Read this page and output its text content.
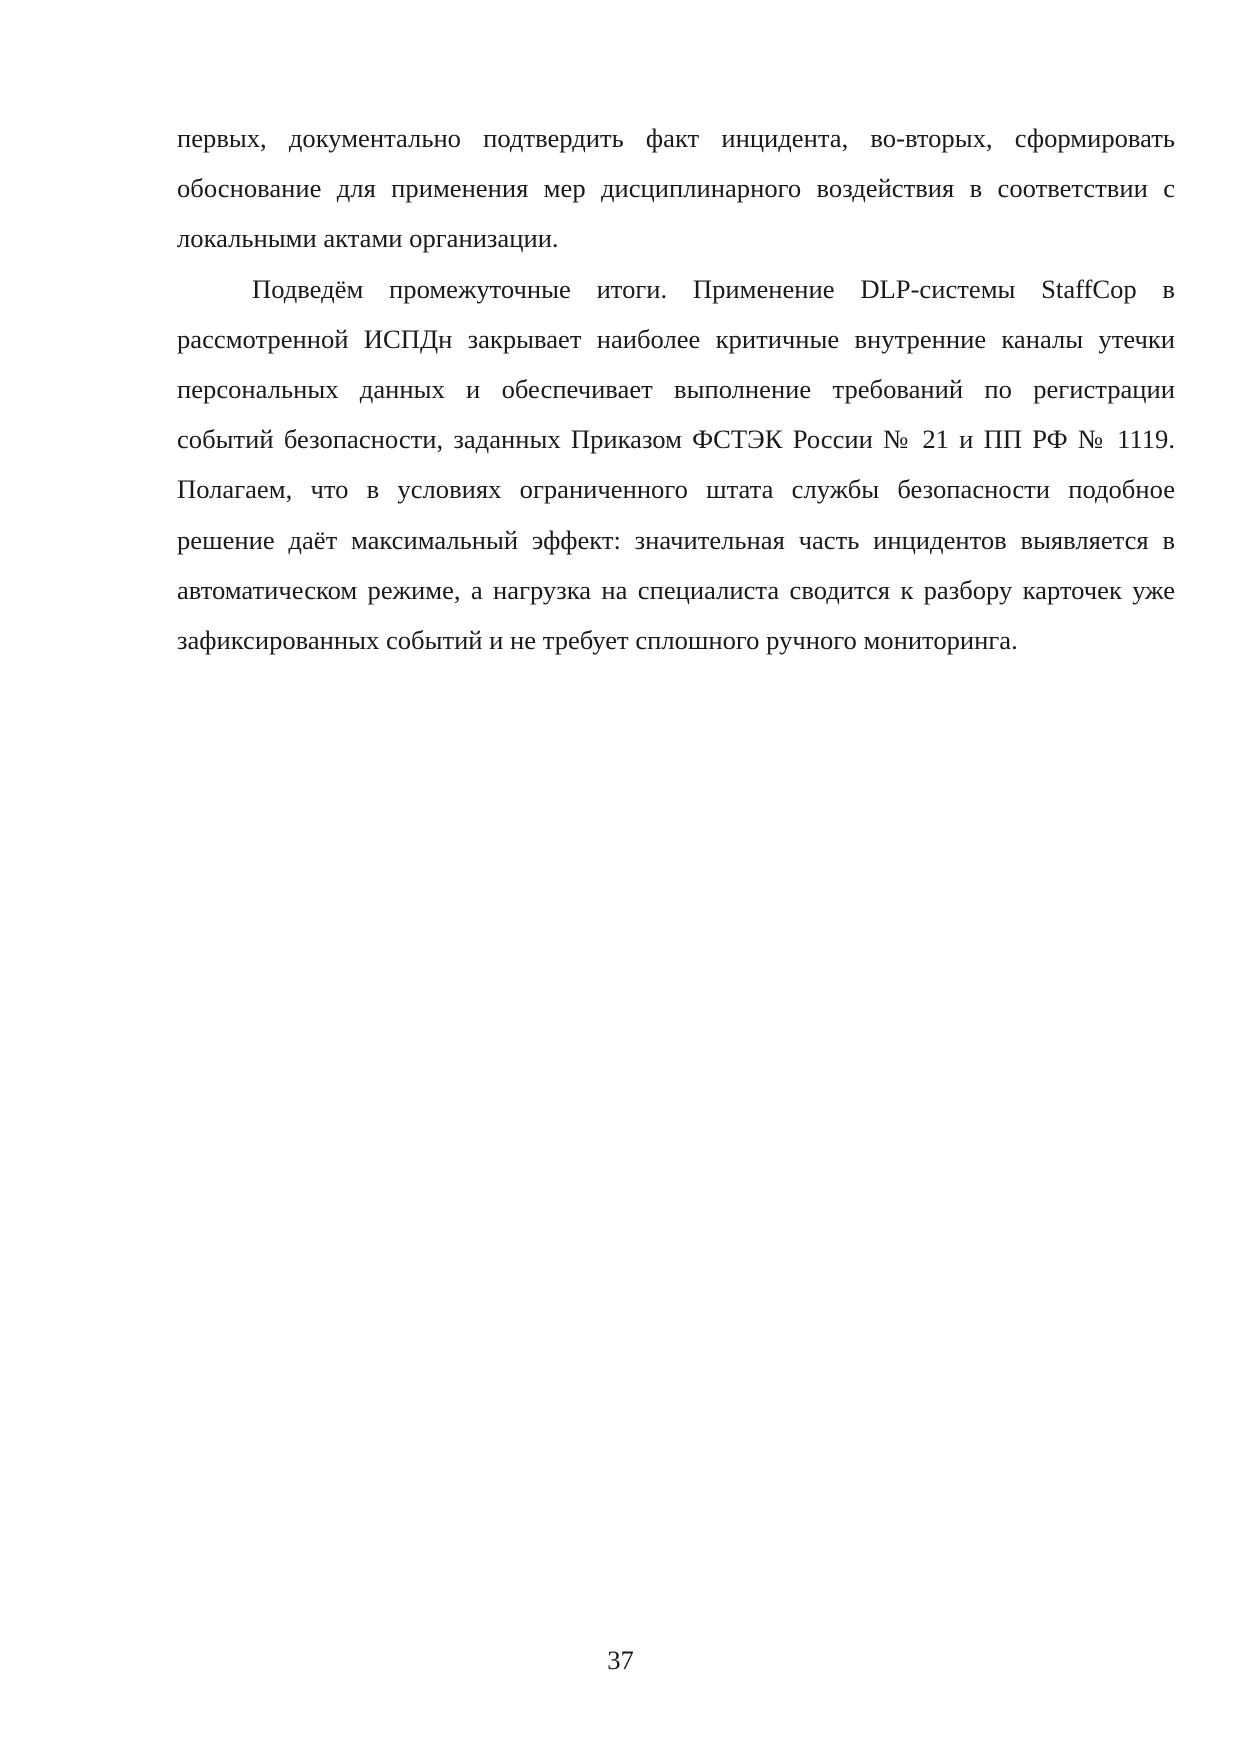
первых, документально подтвердить факт инцидента, во-вторых, сформировать обоснование для применения мер дисциплинарного воздействия в соответствии с локальными актами организации.

Подведём промежуточные итоги. Применение DLP-системы StaffCop в рассмотренной ИСПДн закрывает наиболее критичные внутренние каналы утечки персональных данных и обеспечивает выполнение требований по регистрации событий безопасности, заданных Приказом ФСТЭК России № 21 и ПП РФ № 1119. Полагаем, что в условиях ограниченного штата службы безопасности подобное решение даёт максимальный эффект: значительная часть инцидентов выявляется в автоматическом режиме, а нагрузка на специалиста сводится к разбору карточек уже зафиксированных событий и не требует сплошного ручного мониторинга.

37
